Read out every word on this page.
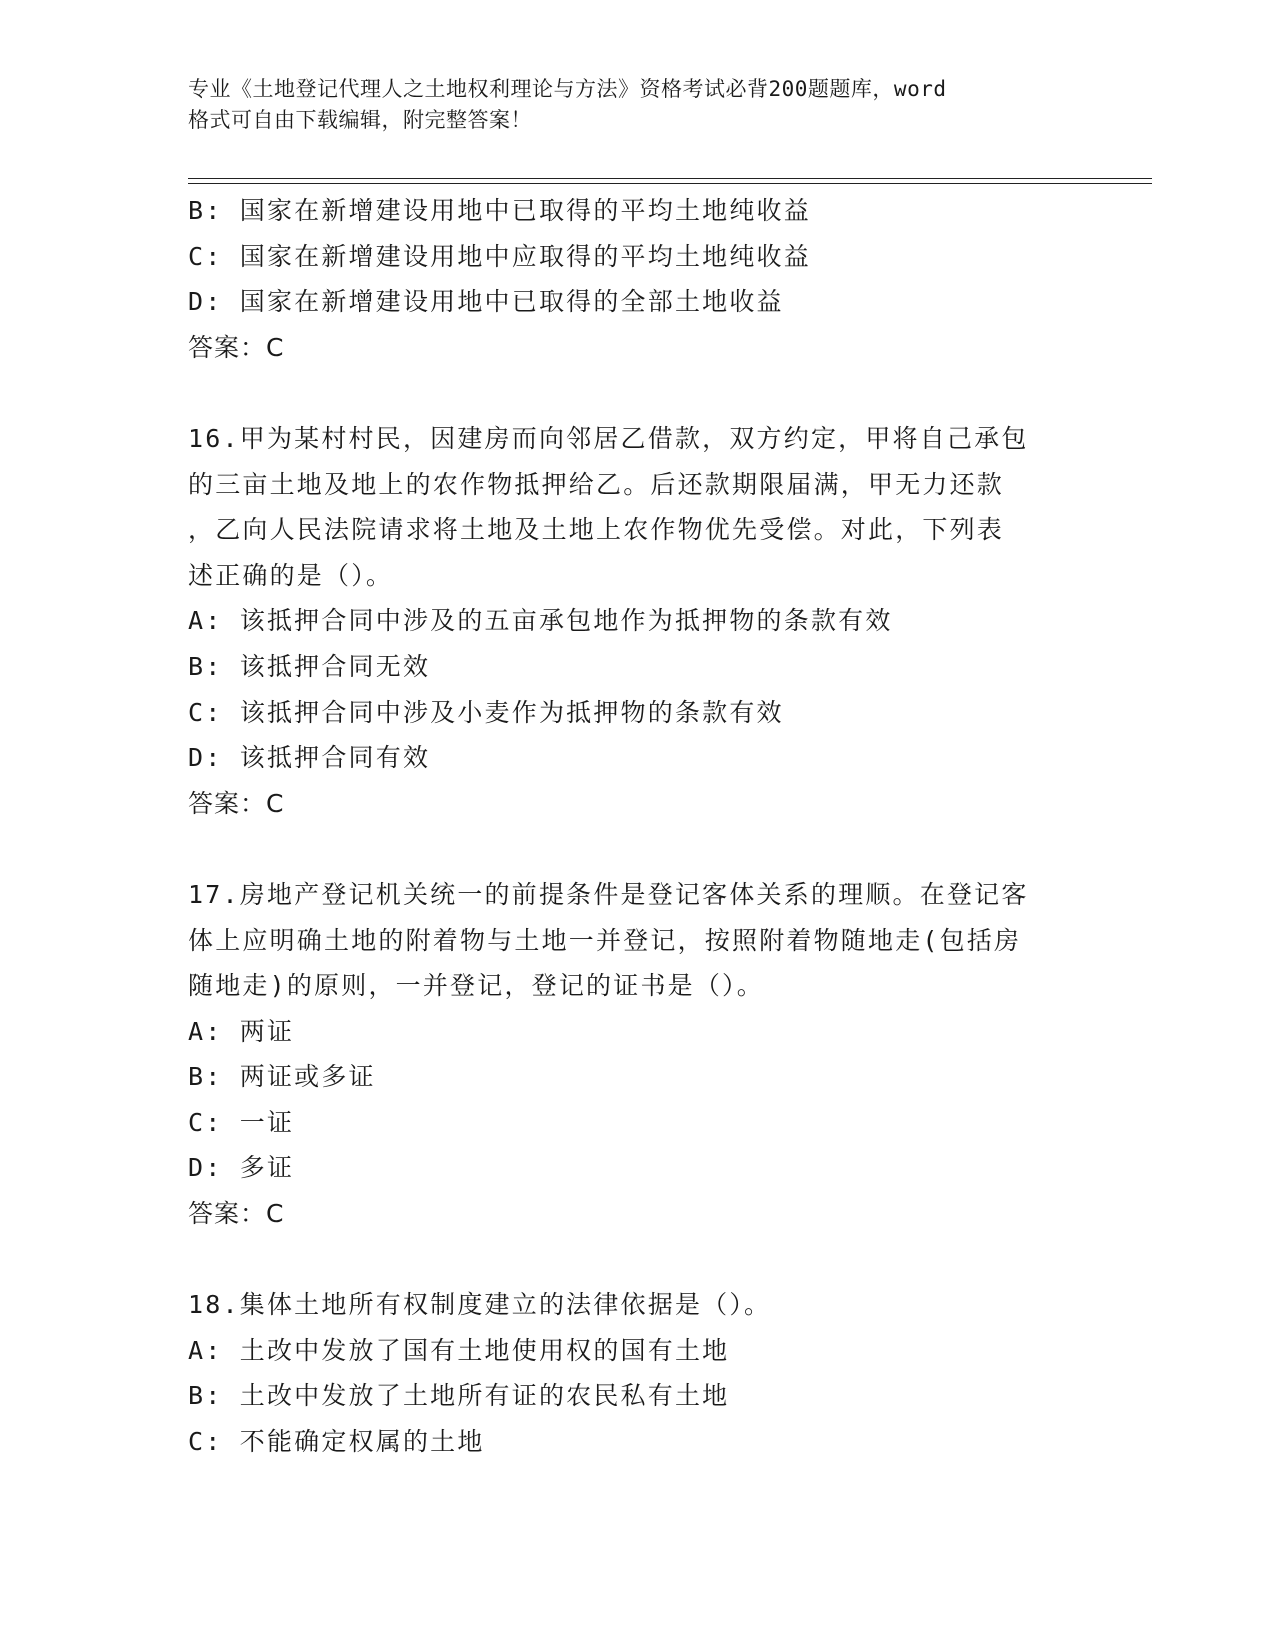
专业《土地登记代理人之土地权利理论与方法》资格考试必背200题题库，word
格式可自由下载编辑，附完整答案！
B: 国家在新增建设用地中已取得的平均土地纯收益
C: 国家在新增建设用地中应取得的平均土地纯收益
D: 国家在新增建设用地中已取得的全部土地收益
答案：C
16.甲为某村村民，因建房而向邻居乙借款，双方约定，甲将自己承包
的三亩土地及地上的农作物抵押给乙。后还款期限届满，甲无力还款
，乙向人民法院请求将土地及土地上农作物优先受偿。对此，下列表
述正确的是（）。
A: 该抵押合同中涉及的五亩承包地作为抵押物的条款有效
B: 该抵押合同无效
C: 该抵押合同中涉及小麦作为抵押物的条款有效
D: 该抵押合同有效
答案：C
17.房地产登记机关统一的前提条件是登记客体关系的理顺。在登记客
体上应明确土地的附着物与土地一并登记，按照附着物随地走(包括房
随地走)的原则，一并登记，登记的证书是（）。
A: 两证
B: 两证或多证
C: 一证
D: 多证
答案：C
18.集体土地所有权制度建立的法律依据是（）。
A: 土改中发放了国有土地使用权的国有土地
B: 土改中发放了土地所有证的农民私有土地
C: 不能确定权属的土地
